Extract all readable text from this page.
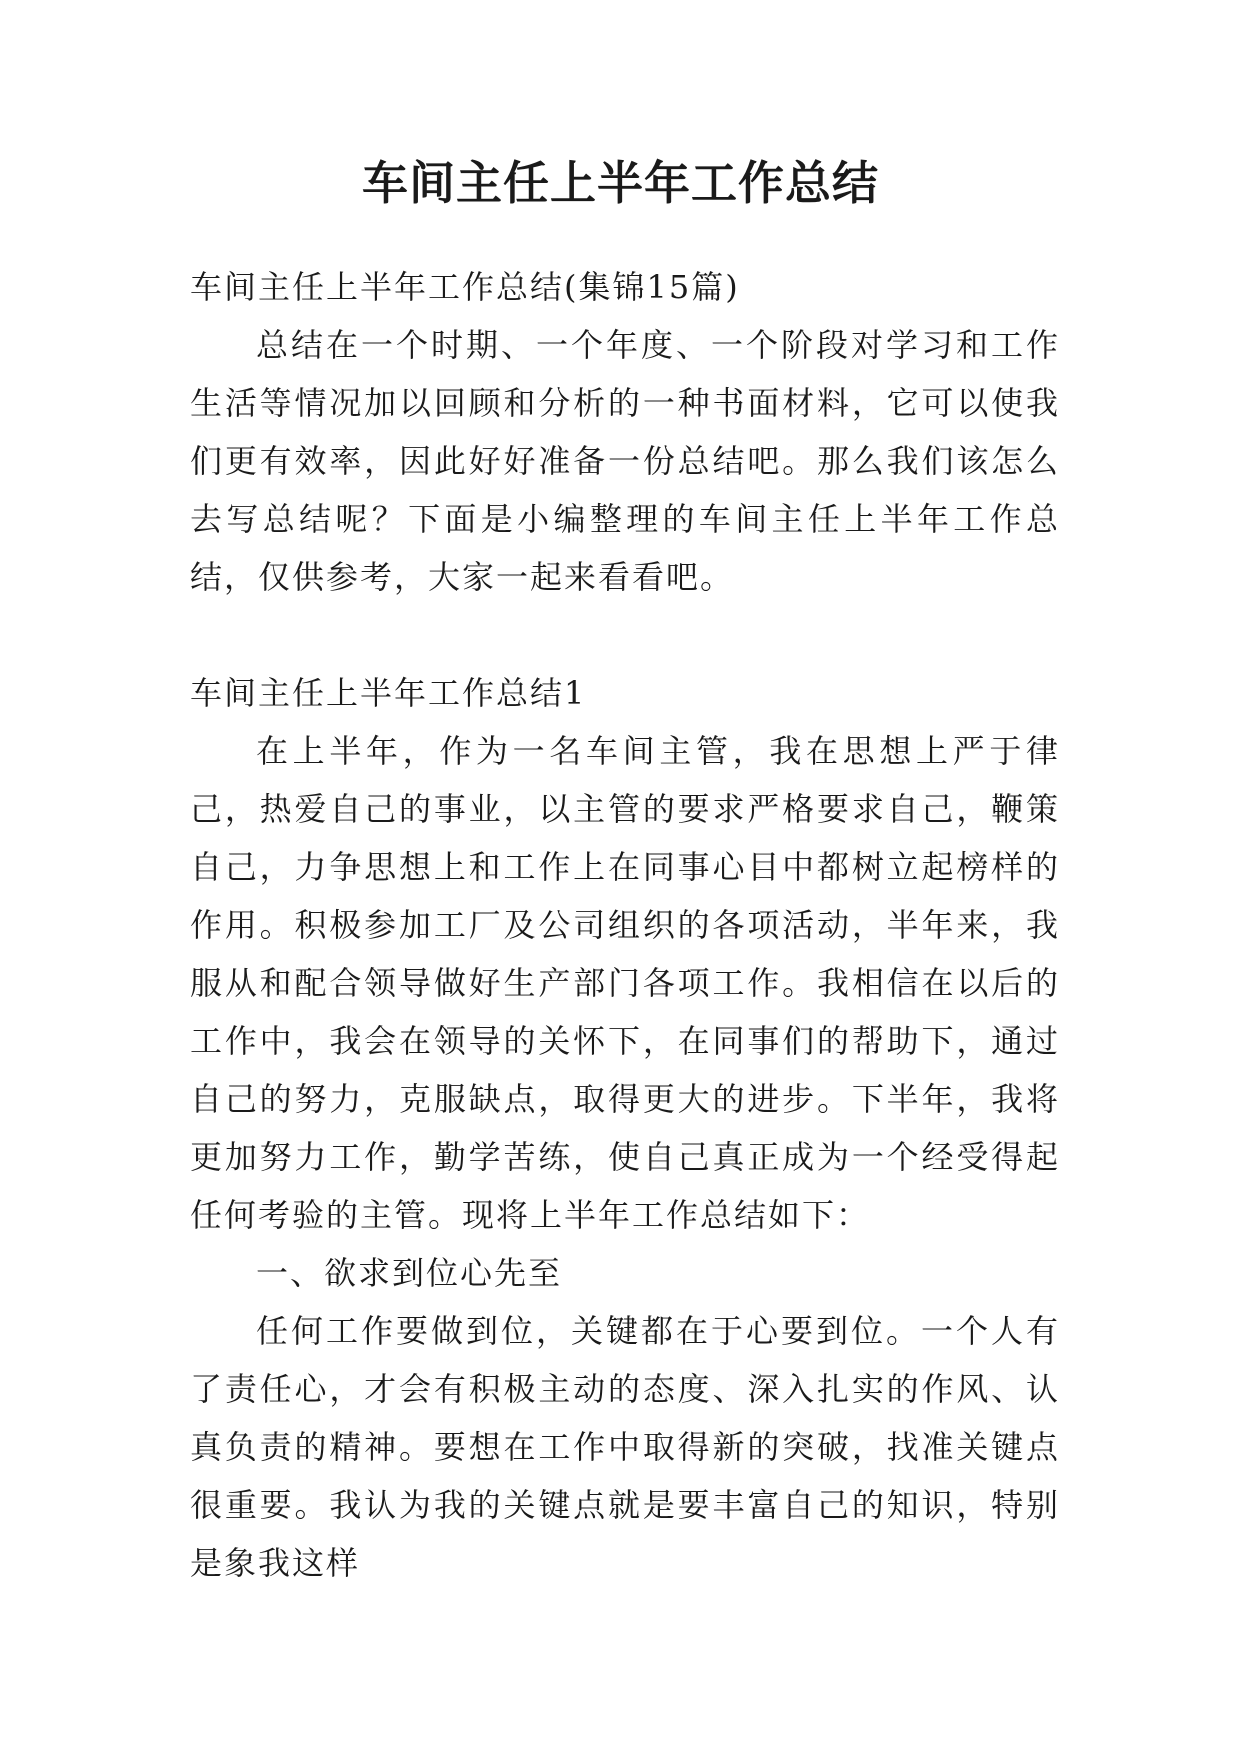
车间主任上半年工作总结

车间主任上半年工作总结(集锦15篇)

总结在一个时期、一个年度、一个阶段对学习和工作生活等情况加以回顾和分析的一种书面材料，它可以使我们更有效率，因此好好准备一份总结吧。那么我们该怎么去写总结呢？下面是小编整理的车间主任上半年工作总结，仅供参考，大家一起来看看吧。

车间主任上半年工作总结1

在上半年，作为一名车间主管，我在思想上严于律己，热爱自己的事业，以主管的要求严格要求自己，鞭策自己，力争思想上和工作上在同事心目中都树立起榜样的作用。积极参加工厂及公司组织的各项活动，半年来，我服从和配合领导做好生产部门各项工作。我相信在以后的工作中，我会在领导的关怀下，在同事们的帮助下，通过自己的努力，克服缺点，取得更大的进步。下半年，我将更加努力工作，勤学苦练，使自己真正成为一个经受得起任何考验的主管。现将上半年工作总结如下：

一、欲求到位心先至

任何工作要做到位，关键都在于心要到位。一个人有了责任心，才会有积极主动的态度、深入扎实的作风、认真负责的精神。要想在工作中取得新的突破，找准关键点很重要。我认为我的关键点就是要丰富自己的知识，特别是象我这样
